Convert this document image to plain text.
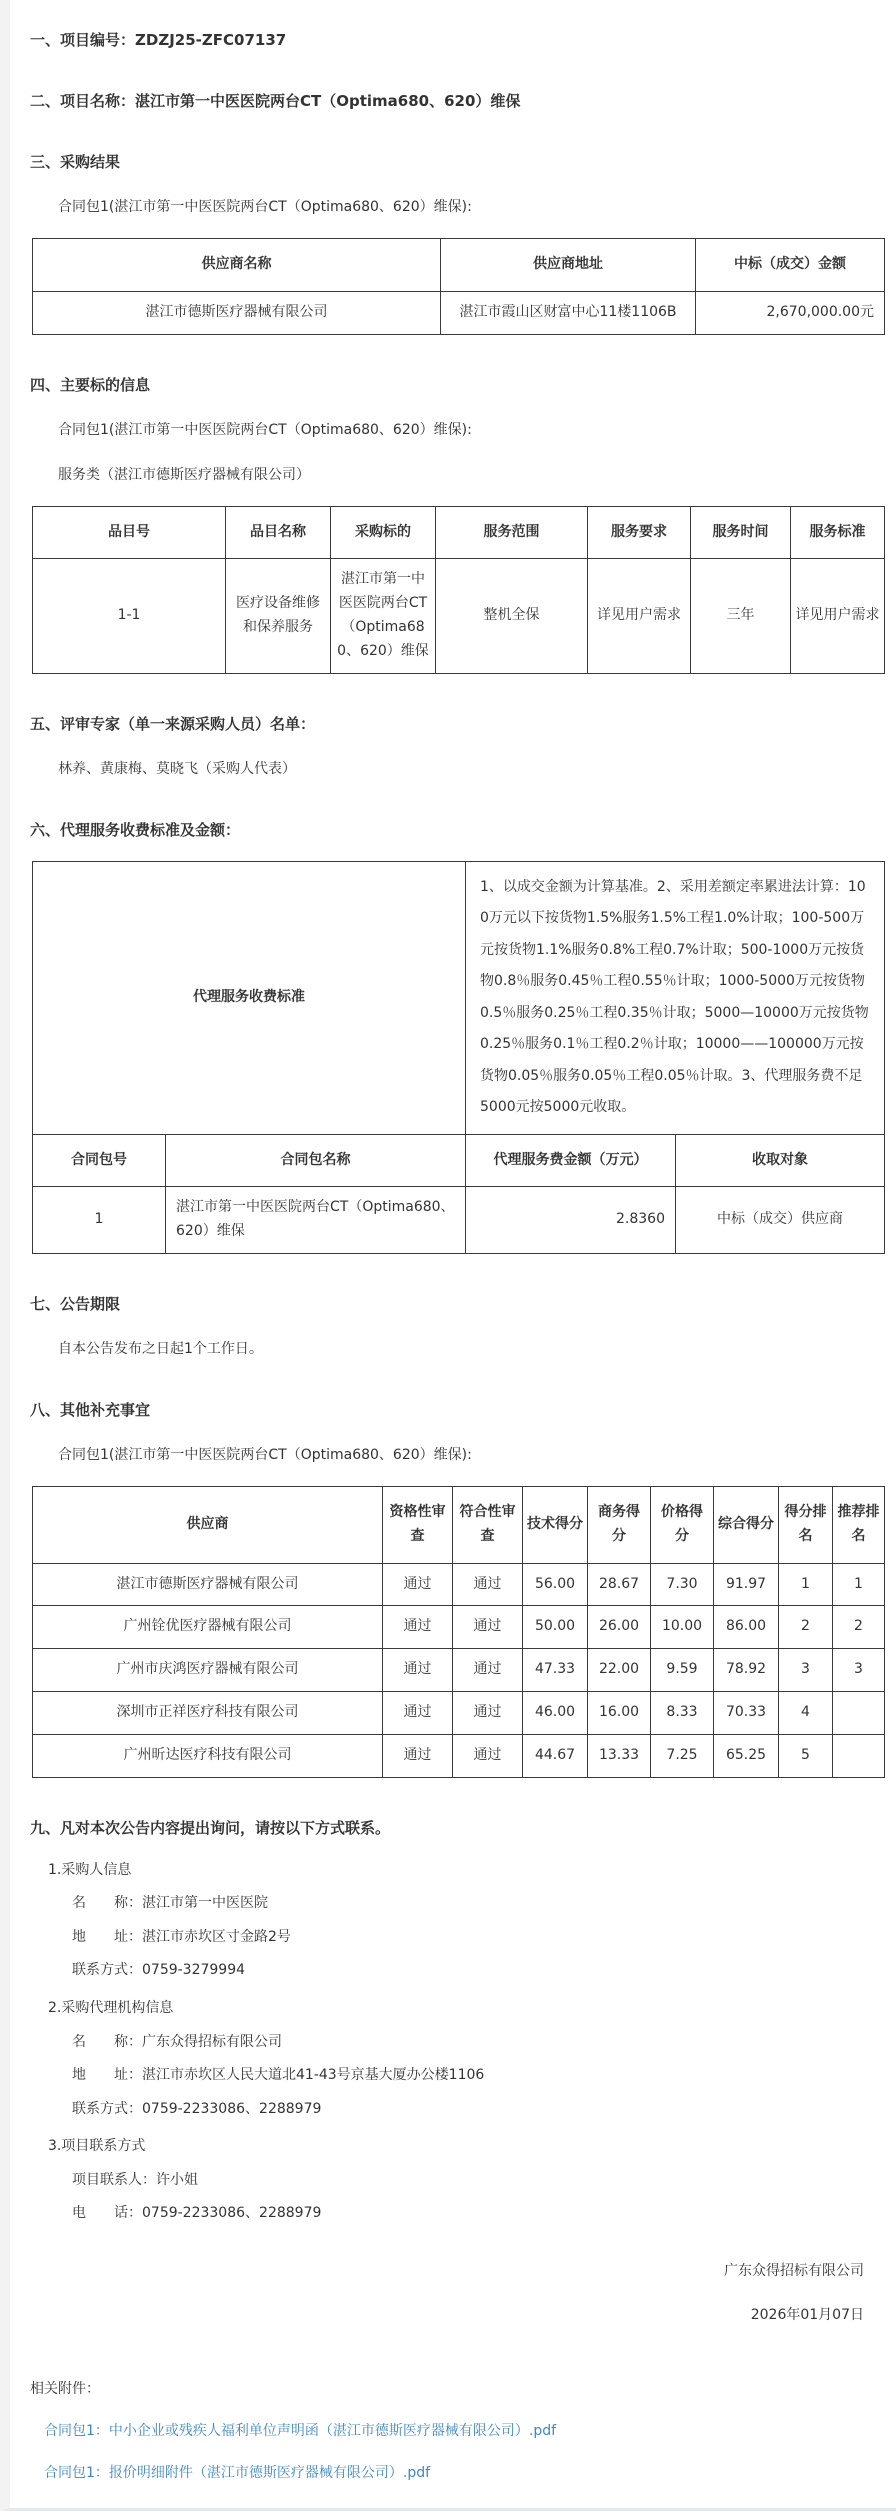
一、项目编号：ZDZJ25-ZFC07137
二、项目名称：湛江市第一中医医院两台CT（Optima680、620）维保
三、采购结果
合同包1(湛江市第一中医医院两台CT（Optima680、620）维保):
供应商名称	供应商地址	中标（成交）金额
湛江市德斯医疗器械有限公司	湛江市霞山区财富中心11楼1106B	2,670,000.00元
四、主要标的信息
合同包1(湛江市第一中医医院两台CT（Optima680、620）维保):
服务类（湛江市德斯医疗器械有限公司）
品目号	品目名称	采购标的	服务范围	服务要求	服务时间	服务标准
1-1	医疗设备维修和保养服务	湛江市第一中医医院两台CT（Optima680、620）维保	整机全保	详见用户需求	三年	详见用户需求
五、评审专家（单一来源采购人员）名单：
林养、黄康梅、莫晓飞（采购人代表）
六、代理服务收费标准及金额：
代理服务收费标准		1、以成交金额为计算基准。2、采用差额定率累进法计算：100万元以下按货物1.5%服务1.5%工程1.0%计取；100-500万元按货物1.1%服务0.8%工程0.7%计取；500-1000万元按货物0.8％服务0.45％工程0.55％计取；1000-5000万元按货物0.5％服务0.25％工程0.35％计取；5000—10000万元按货物0.25％服务0.1％工程0.2％计取；10000——100000万元按货物0.05％服务0.05％工程0.05％计取。3、代理服务费不足5000元按5000元收取。	
合同包号	合同包名称	代理服务费金额（万元）	收取对象
1	湛江市第一中医医院两台CT（Optima680、620）维保	2.8360	中标（成交）供应商
七、公告期限
自本公告发布之日起1个工作日。
八、其他补充事宜
合同包1(湛江市第一中医医院两台CT（Optima680、620）维保):
供应商	资格性审查	符合性审查	技术得分	商务得分	价格得分	综合得分	得分排名	推荐排名
湛江市德斯医疗器械有限公司	通过	通过	56.00	28.67	7.30	91.97	1	1
广州铨优医疗器械有限公司	通过	通过	50.00	26.00	10.00	86.00	2	2
广州市庆鸿医疗器械有限公司	通过	通过	47.33	22.00	9.59	78.92	3	3
深圳市正祥医疗科技有限公司	通过	通过	46.00	16.00	8.33	70.33	4	
广州昕达医疗科技有限公司	通过	通过	44.67	13.33	7.25	65.25	5	
九、凡对本次公告内容提出询问，请按以下方式联系。
1.采购人信息
名　　称：湛江市第一中医医院
地　　址：湛江市赤坎区寸金路2号
联系方式：0759-3279994
2.采购代理机构信息
名　　称：广东众得招标有限公司
地　　址：湛江市赤坎区人民大道北41-43号京基大厦办公楼1106
联系方式：0759-2233086、2288979
3.项目联系方式
项目联系人：许小姐
电　　话：0759-2233086、2288979
广东众得招标有限公司
2026年01月07日
相关附件：
合同包1：中小企业或残疾人福利单位声明函（湛江市德斯医疗器械有限公司）.pdf
合同包1：报价明细附件（湛江市德斯医疗器械有限公司）.pdf
